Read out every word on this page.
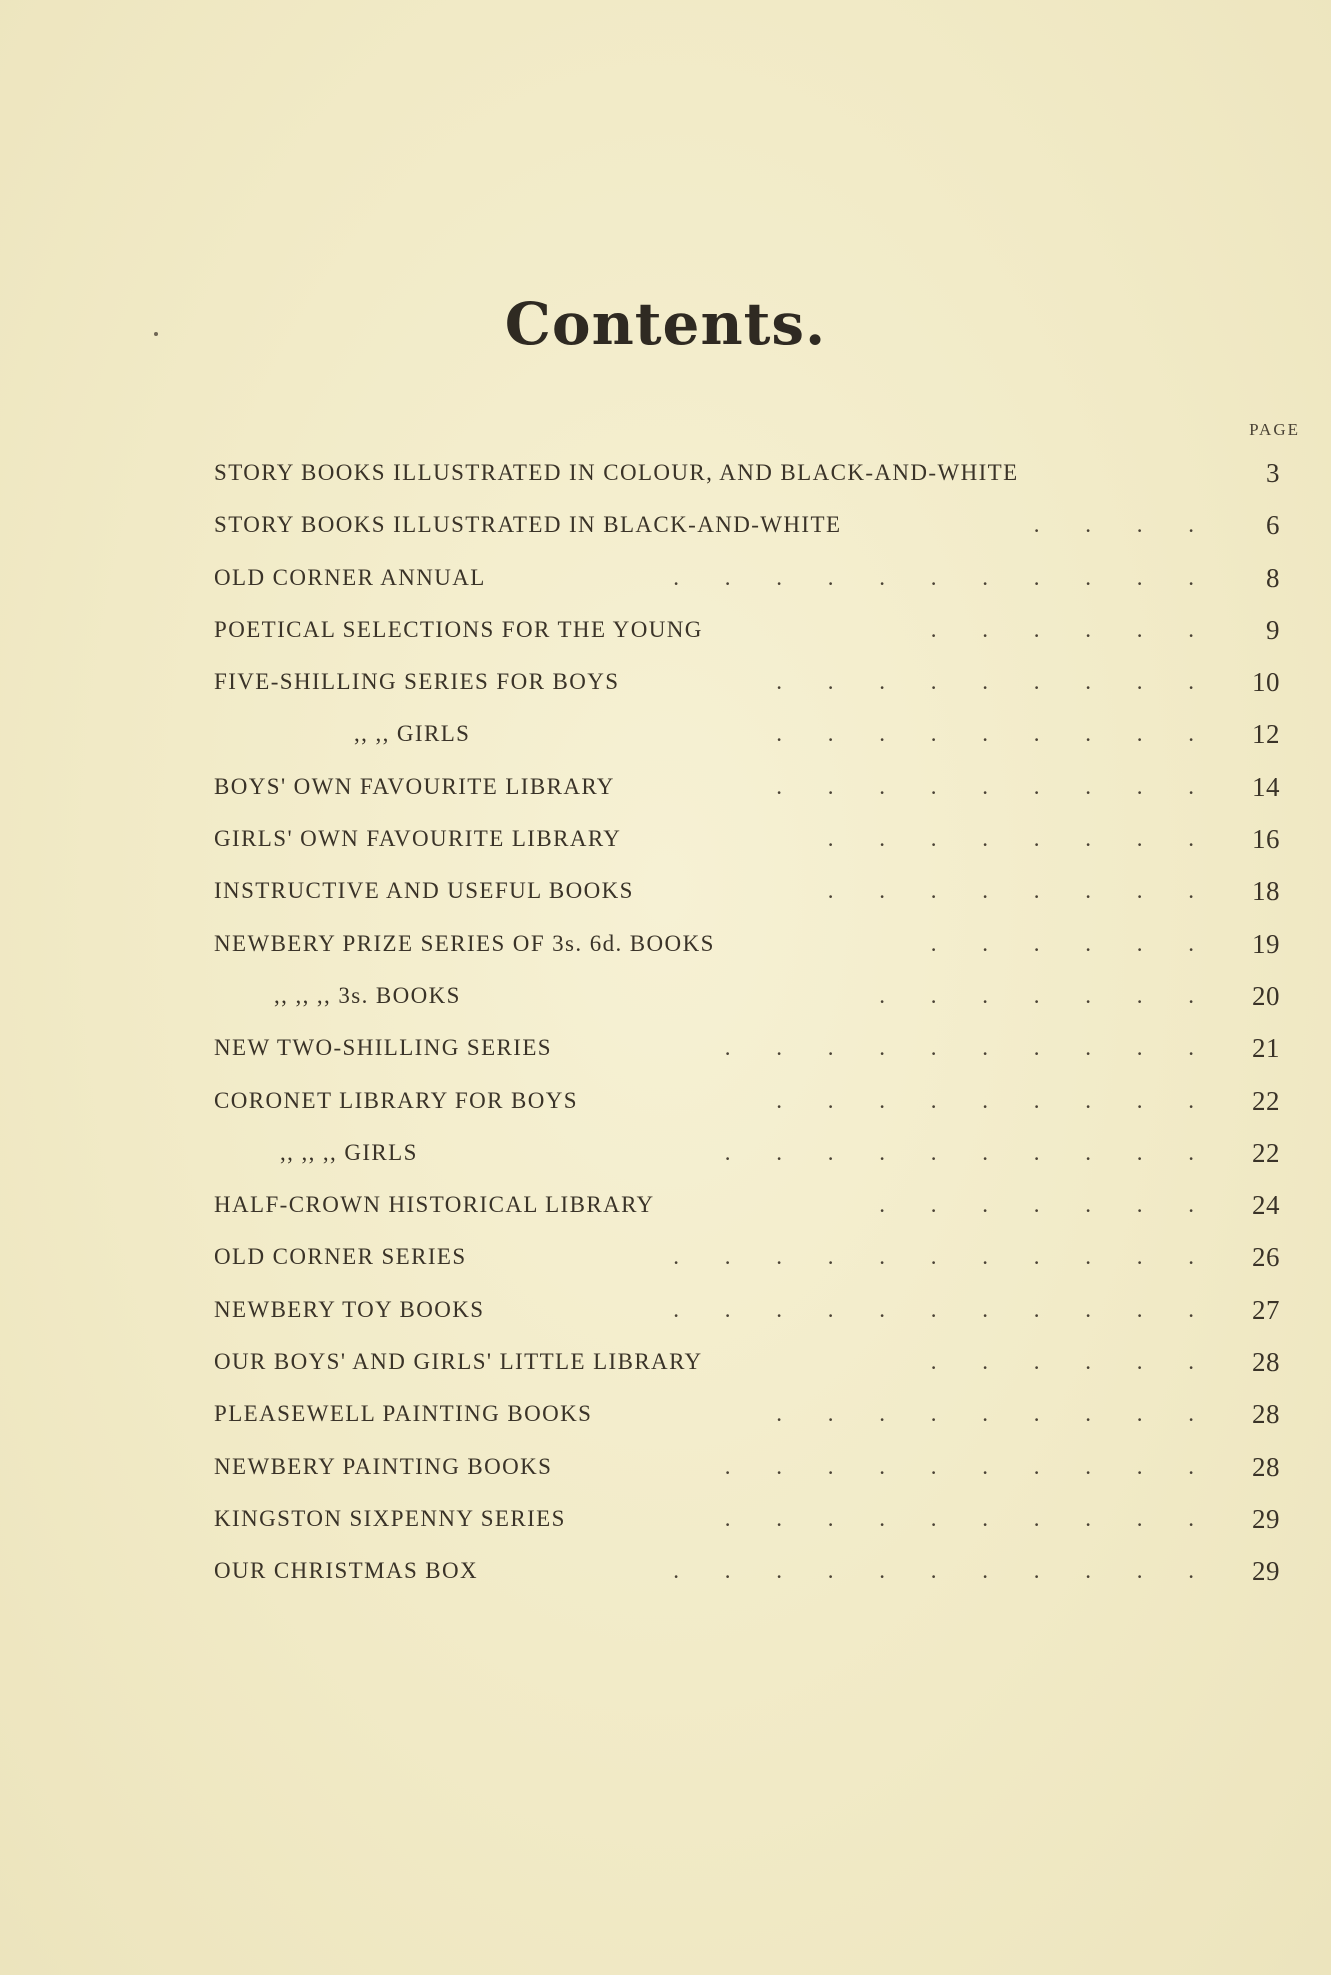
Contents.
PAGE
STORY BOOKS ILLUSTRATED IN COLOUR, AND BLACK-AND-WHITE	3
STORY BOOKS ILLUSTRATED IN BLACK-AND-WHITE	. . . .	6
OLD CORNER ANNUAL	. . . . . . . . . . .	8
POETICAL SELECTIONS FOR THE YOUNG	. . . . . .	9
FIVE-SHILLING SERIES FOR BOYS	. . . . . . . . .	10
,, ,, GIRLS	. . . . . . . . .	12
BOYS' OWN FAVOURITE LIBRARY	. . . . . . . . .	14
GIRLS' OWN FAVOURITE LIBRARY	. . . . . . . .	16
INSTRUCTIVE AND USEFUL BOOKS	. . . . . . . .	18
NEWBERY PRIZE SERIES OF 3s. 6d. BOOKS	. . . . . .	19
,, ,, ,, 3s. BOOKS	. . . . . . .	20
NEW TWO-SHILLING SERIES	. . . . . . . . . .	21
CORONET LIBRARY FOR BOYS	. . . . . . . . .	22
,, ,, ,, GIRLS	. . . . . . . . . .	22
HALF-CROWN HISTORICAL LIBRARY	. . . . . . .	24
OLD CORNER SERIES	. . . . . . . . . . .	26
NEWBERY TOY BOOKS	. . . . . . . . . . .	27
OUR BOYS' AND GIRLS' LITTLE LIBRARY	. . . . . .	28
PLEASEWELL PAINTING BOOKS	. . . . . . . . .	28
NEWBERY PAINTING BOOKS	. . . . . . . . . .	28
KINGSTON SIXPENNY SERIES	. . . . . . . . . .	29
OUR CHRISTMAS BOX	. . . . . . . . . . .	29
